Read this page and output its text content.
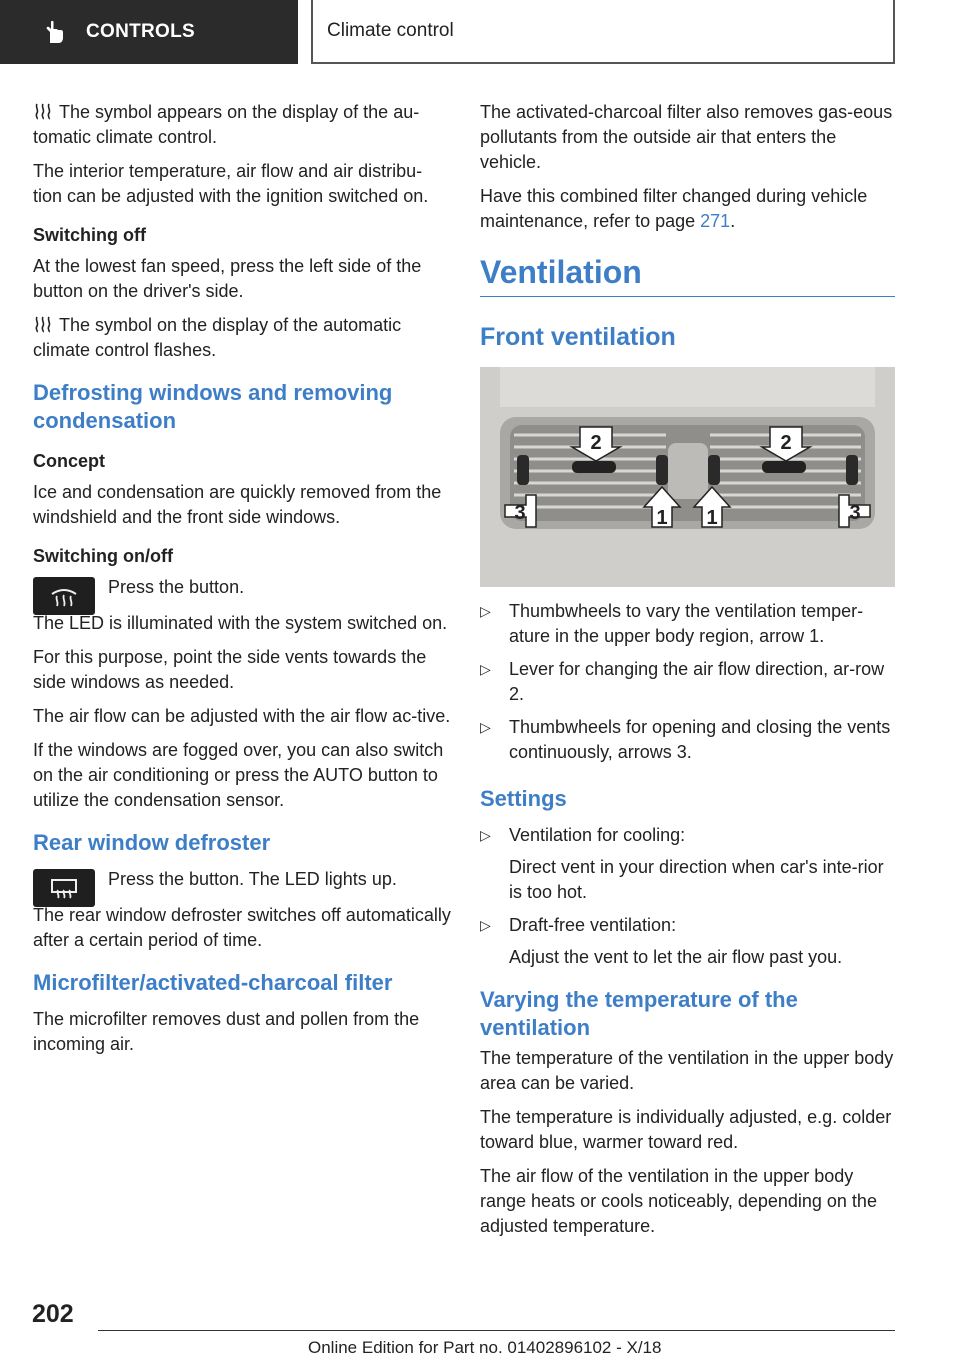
CONTROLS	Climate control

The symbol appears on the display of the au‐tomatic climate control.

The interior temperature, air flow and air distribu‐tion can be adjusted with the ignition switched on.

Switching off

At the lowest fan speed, press the left side of the button on the driver's side.

The symbol on the display of the automatic climate control flashes.

Defrosting windows and removing condensation
Concept

Ice and condensation are quickly removed from the windshield and the front side windows.

Switching on/off

Press the button.

The LED is illuminated with the system switched on.

For this purpose, point the side vents towards the side windows as needed.

The air flow can be adjusted with the air flow ac‐tive.

If the windows are fogged over, you can also switch on the air conditioning or press the AUTO button to utilize the condensation sensor.

Rear window defroster

Press the button. The LED lights up.

The rear window defroster switches off automatically after a certain period of time.

Microfilter/activated-charcoal filter

The microfilter removes dust and pollen from the incoming air.

The activated-charcoal filter also removes gas‐eous pollutants from the outside air that enters the vehicle.

Have this combined filter changed during vehicle maintenance, refer to page 271.

Ventilation
Front ventilation
2	2
3	1 1	3
▷ Thumbwheels to vary the ventilation temper‐ature in the upper body region, arrow 1.
▷ Lever for changing the air flow direction, ar‐row 2.
▷ Thumbwheels for opening and closing the vents continuously, arrows 3.
Settings
▷ Ventilation for cooling:
Direct vent in your direction when car's inte‐rior is too hot.
▷ Draft-free ventilation:
Adjust the vent to let the air flow past you.
Varying the temperature of the ventilation

The temperature of the ventilation in the upper body area can be varied.

The temperature is individually adjusted, e.g. colder toward blue, warmer toward red.

The air flow of the ventilation in the upper body range heats or cools noticeably, depending on the adjusted temperature.

202
Online Edition for Part no. 01402896102 - X/18
